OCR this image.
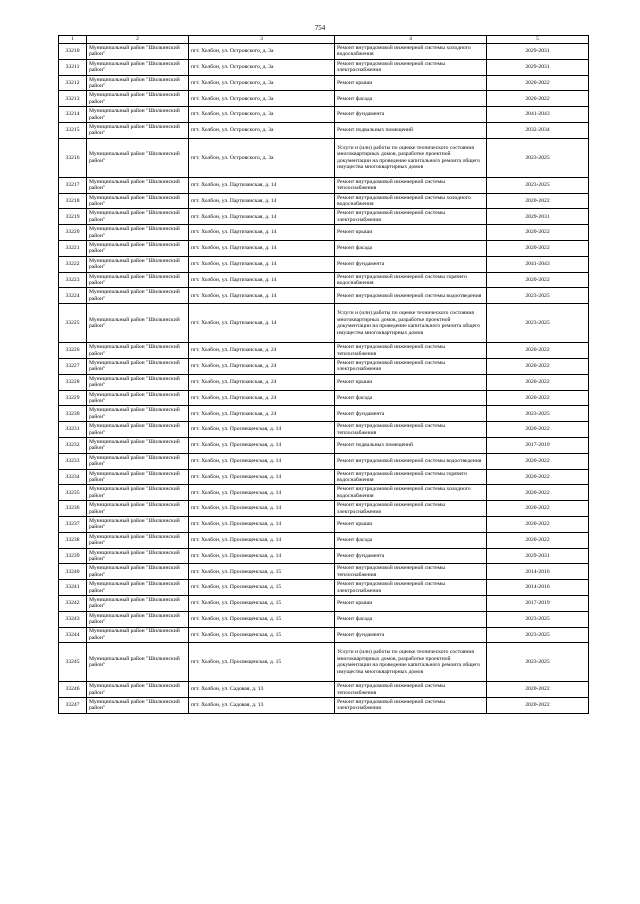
754
1	2	3	4	5
33210	Муниципальный район "Шилкинский район"	пгт. Холбон, ул. Островского, д. 3а	Ремонт внутридомовой инженерной системы холодного водоснабжения	2029-2031
33211	Муниципальный район "Шилкинский район"	пгт. Холбон, ул. Островского, д. 3а	Ремонт внутридомовой инженерной системы электроснабжения	2029-2031
33212	Муниципальный район "Шилкинский район"	пгт. Холбон, ул. Островского, д. 3а	Ремонт крыши	2020-2022
33213	Муниципальный район "Шилкинский район"	пгт. Холбон, ул. Островского, д. 3а	Ремонт фасада	2020-2022
33214	Муниципальный район "Шилкинский район"	пгт. Холбон, ул. Островского, д. 3а	Ремонт фундамента	2041-2043
33215	Муниципальный район "Шилкинский район"	пгт. Холбон, ул. Островского, д. 3а	Ремонт подвальных помещений	2032-2034
33216	Муниципальный район "Шилкинский район"	пгт. Холбон, ул. Островского, д. 3а	Услуги и (или) работы по оценке технического состояния многоквартирных домов, разработке проектной документации на проведение капитального ремонта общего имущества многоквартирных домов	2023-2025
33217	Муниципальный район "Шилкинский район"	пгт. Холбон, ул. Партизанская, д. 14	Ремонт внутридомовой инженерной системы теплоснабжения	2023-2025
33218	Муниципальный район "Шилкинский район"	пгт. Холбон, ул. Партизанская, д. 14	Ремонт внутридомовой инженерной системы холодного водоснабжения	2020-2022
33219	Муниципальный район "Шилкинский район"	пгт. Холбон, ул. Партизанская, д. 14	Ремонт внутридомовой инженерной системы электроснабжения	2029-2031
33220	Муниципальный район "Шилкинский район"	пгт. Холбон, ул. Партизанская, д. 14	Ремонт крыши	2020-2022
33221	Муниципальный район "Шилкинский район"	пгт. Холбон, ул. Партизанская, д. 14	Ремонт фасада	2020-2022
33222	Муниципальный район "Шилкинский район"	пгт. Холбон, ул. Партизанская, д. 14	Ремонт фундамента	2041-2043
33223	Муниципальный район "Шилкинский район"	пгт. Холбон, ул. Партизанская, д. 14	Ремонт внутридомовой инженерной системы горячего водоснабжения	2020-2022
33224	Муниципальный район "Шилкинский район"	пгт. Холбон, ул. Партизанская, д. 14	Ремонт внутридомовой инженерной системы водоотведения	2023-2025
33225	Муниципальный район "Шилкинский район"	пгт. Холбон, ул. Партизанская, д. 14	Услуги и (или) работы по оценке технического состояния многоквартирных домов, разработке проектной документации на проведение капитального ремонта общего имущества многоквартирных домов	2023-2025
33226	Муниципальный район "Шилкинский район"	пгт. Холбон, ул. Партизанская, д. 24	Ремонт внутридомовой инженерной системы теплоснабжения	2020-2022
33227	Муниципальный район "Шилкинский район"	пгт. Холбон, ул. Партизанская, д. 24	Ремонт внутридомовой инженерной системы электроснабжения	2020-2022
33228	Муниципальный район "Шилкинский район"	пгт. Холбон, ул. Партизанская, д. 24	Ремонт крыши	2020-2022
33229	Муниципальный район "Шилкинский район"	пгт. Холбон, ул. Партизанская, д. 24	Ремонт фасада	2020-2022
33230	Муниципальный район "Шилкинский район"	пгт. Холбон, ул. Партизанская, д. 24	Ремонт фундамента	2023-2025
33231	Муниципальный район "Шилкинский район"	пгт. Холбон, ул. Просвещенская, д. 14	Ремонт внутридомовой инженерной системы теплоснабжения	2020-2022
33232	Муниципальный район "Шилкинский район"	пгт. Холбон, ул. Просвещенская, д. 14	Ремонт подвальных помещений	2017-2019
33233	Муниципальный район "Шилкинский район"	пгт. Холбон, ул. Просвещенская, д. 14	Ремонт внутридомовой инженерной системы водоотведения	2020-2022
33234	Муниципальный район "Шилкинский район"	пгт. Холбон, ул. Просвещенская, д. 14	Ремонт внутридомовой инженерной системы горячего водоснабжения	2020-2022
33235	Муниципальный район "Шилкинский район"	пгт. Холбон, ул. Просвещенская, д. 14	Ремонт внутридомовой инженерной системы холодного водоснабжения	2020-2022
33236	Муниципальный район "Шилкинский район"	пгт. Холбон, ул. Просвещенская, д. 14	Ремонт внутридомовой инженерной системы электроснабжения	2020-2022
33237	Муниципальный район "Шилкинский район"	пгт. Холбон, ул. Просвещенская, д. 14	Ремонт крыши	2020-2022
33238	Муниципальный район "Шилкинский район"	пгт. Холбон, ул. Просвещенская, д. 14	Ремонт фасада	2020-2022
33239	Муниципальный район "Шилкинский район"	пгт. Холбон, ул. Просвещенская, д. 14	Ремонт фундамента	2029-2031
33240	Муниципальный район "Шилкинский район"	пгт. Холбон, ул. Просвещенская, д. 15	Ремонт внутридомовой инженерной системы теплоснабжения	2014-2016
33241	Муниципальный район "Шилкинский район"	пгт. Холбон, ул. Просвещенская, д. 15	Ремонт внутридомовой инженерной системы электроснабжения	2014-2016
33242	Муниципальный район "Шилкинский район"	пгт. Холбон, ул. Просвещенская, д. 15	Ремонт крыши	2017-2019
33243	Муниципальный район "Шилкинский район"	пгт. Холбон, ул. Просвещенская, д. 15	Ремонт фасада	2023-2025
33244	Муниципальный район "Шилкинский район"	пгт. Холбон, ул. Просвещенская, д. 15	Ремонт фундамента	2023-2025
33245	Муниципальный район "Шилкинский район"	пгт. Холбон, ул. Просвещенская, д. 15	Услуги и (или) работы по оценке технического состояния многоквартирных домов, разработке проектной документации на проведение капитального ремонта общего имущества многоквартирных домов	2023-2025
33246	Муниципальный район "Шилкинский район"	пгт. Холбон, ул. Садовая, д. 13	Ремонт внутридомовой инженерной системы теплоснабжения	2020-2022
33247	Муниципальный район "Шилкинский район"	пгт. Холбон, ул. Садовая, д. 13	Ремонт внутридомовой инженерной системы электроснабжения	2020-2022
